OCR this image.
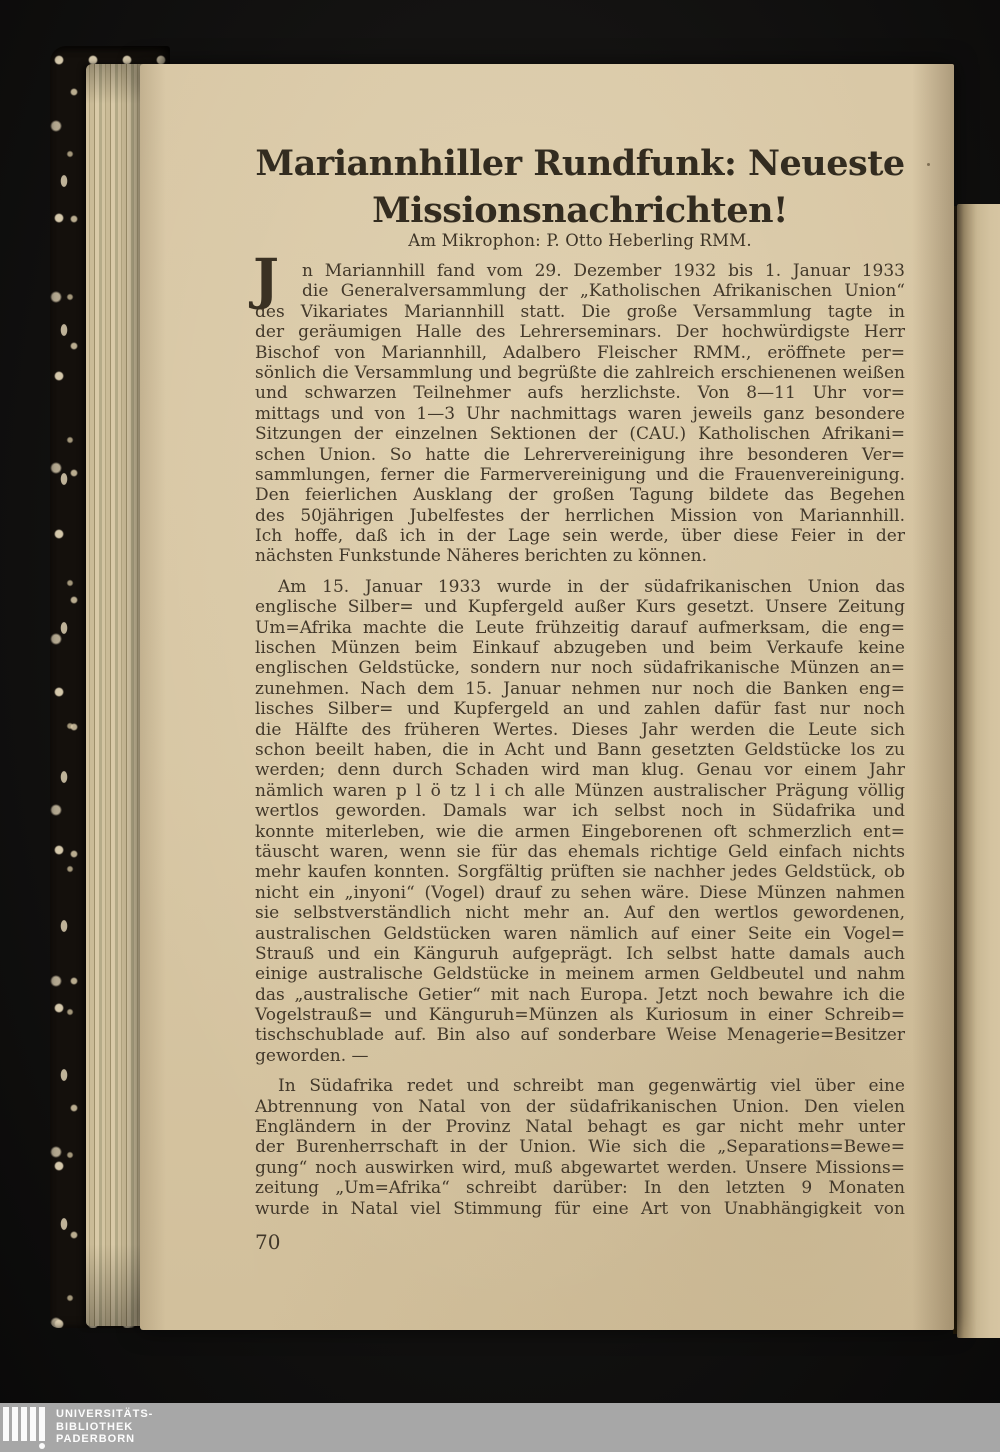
Mariannhiller Rundfunk: Neueste
Missionsnachrichten!
Am Mikrophon: P. Otto Heberling RMM.
J n Mariannhill fand vom 29. Dezember 1932 bis 1. Januar 1933
die Generalversammlung der „Katholischen Afrikanischen Union“
des Vikariates Mariannhill statt. Die große Versammlung tagte in
der geräumigen Halle des Lehrerseminars. Der hochwürdigste Herr
Bischof von Mariannhill, Adalbero Fleischer RMM., eröffnete per=
sönlich die Versammlung und begrüßte die zahlreich erschienenen weißen
und schwarzen Teilnehmer aufs herzlichste. Von 8—11 Uhr vor=
mittags und von 1—3 Uhr nachmittags waren jeweils ganz besondere
Sitzungen der einzelnen Sektionen der (CAU.) Katholischen Afrikani=
schen Union. So hatte die Lehrervereinigung ihre besonderen Ver=
sammlungen, ferner die Farmervereinigung und die Frauenvereinigung.
Den feierlichen Ausklang der großen Tagung bildete das Begehen
des 50jährigen Jubelfestes der herrlichen Mission von Mariannhill.
Ich hoffe, daß ich in der Lage sein werde, über diese Feier in der
nächsten Funkstunde Näheres berichten zu können.
Am 15. Januar 1933 wurde in der südafrikanischen Union das
englische Silber= und Kupfergeld außer Kurs gesetzt. Unsere Zeitung
Um=Afrika machte die Leute frühzeitig darauf aufmerksam, die eng=
lischen Münzen beim Einkauf abzugeben und beim Verkaufe keine
englischen Geldstücke, sondern nur noch südafrikanische Münzen an=
zunehmen. Nach dem 15. Januar nehmen nur noch die Banken eng=
lisches Silber= und Kupfergeld an und zahlen dafür fast nur noch
die Hälfte des früheren Wertes. Dieses Jahr werden die Leute sich
schon beeilt haben, die in Acht und Bann gesetzten Geldstücke los zu
werden; denn durch Schaden wird man klug. Genau vor einem Jahr
nämlich waren p l ö tz l i ch alle Münzen australischer Prägung völlig
wertlos geworden. Damals war ich selbst noch in Südafrika und
konnte miterleben, wie die armen Eingeborenen oft schmerzlich ent=
täuscht waren, wenn sie für das ehemals richtige Geld einfach nichts
mehr kaufen konnten. Sorgfältig prüften sie nachher jedes Geldstück, ob
nicht ein „inyoni“ (Vogel) drauf zu sehen wäre. Diese Münzen nahmen
sie selbstverständlich nicht mehr an. Auf den wertlos gewordenen,
australischen Geldstücken waren nämlich auf einer Seite ein Vogel=
Strauß und ein Känguruh aufgeprägt. Ich selbst hatte damals auch
einige australische Geldstücke in meinem armen Geldbeutel und nahm
das „australische Getier“ mit nach Europa. Jetzt noch bewahre ich die
Vogelstrauß= und Känguruh=Münzen als Kuriosum in einer Schreib=
tischschublade auf. Bin also auf sonderbare Weise Menagerie=Besitzer
geworden. —
In Südafrika redet und schreibt man gegenwärtig viel über eine
Abtrennung von Natal von der südafrikanischen Union. Den vielen
Engländern in der Provinz Natal behagt es gar nicht mehr unter
der Burenherrschaft in der Union. Wie sich die „Separations=Bewe=
gung“ noch auswirken wird, muß abgewartet werden. Unsere Missions=
zeitung „Um=Afrika“ schreibt darüber: In den letzten 9 Monaten
wurde in Natal viel Stimmung für eine Art von Unabhängigkeit von
70
UNIVERSITÄTS-
BIBLIOTHEK
PADERBORN
